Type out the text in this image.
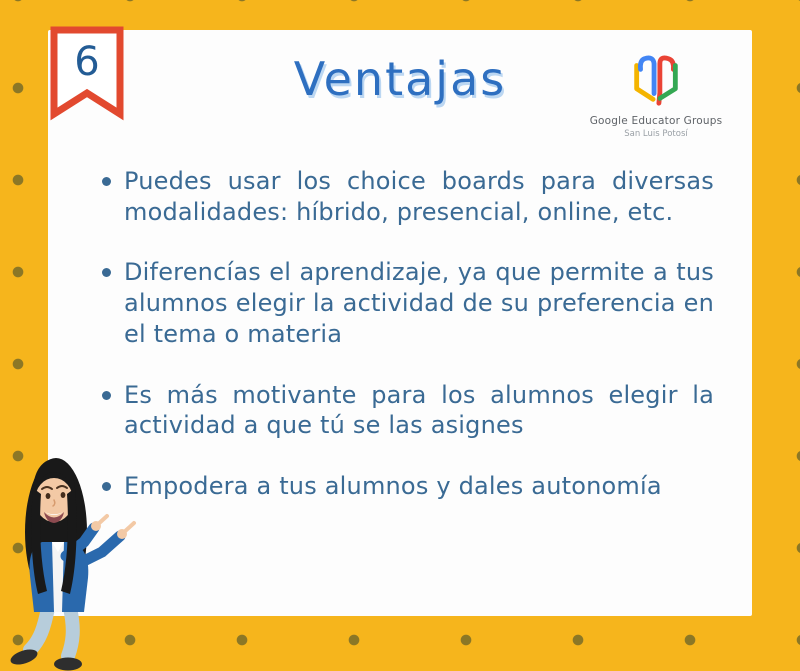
Ventajas
Google Educator Groups
San Luis Potosí
Puedes usar los choice boards para diversas modalidades: híbrido, presencial, online, etc.
Diferencías el aprendizaje, ya que permite a tus alumnos elegir la actividad de su preferencia en el tema o materia
Es más motivante para los alumnos elegir la actividad a que tú se las asignes
Empodera a tus alumnos y dales autonomía
6
